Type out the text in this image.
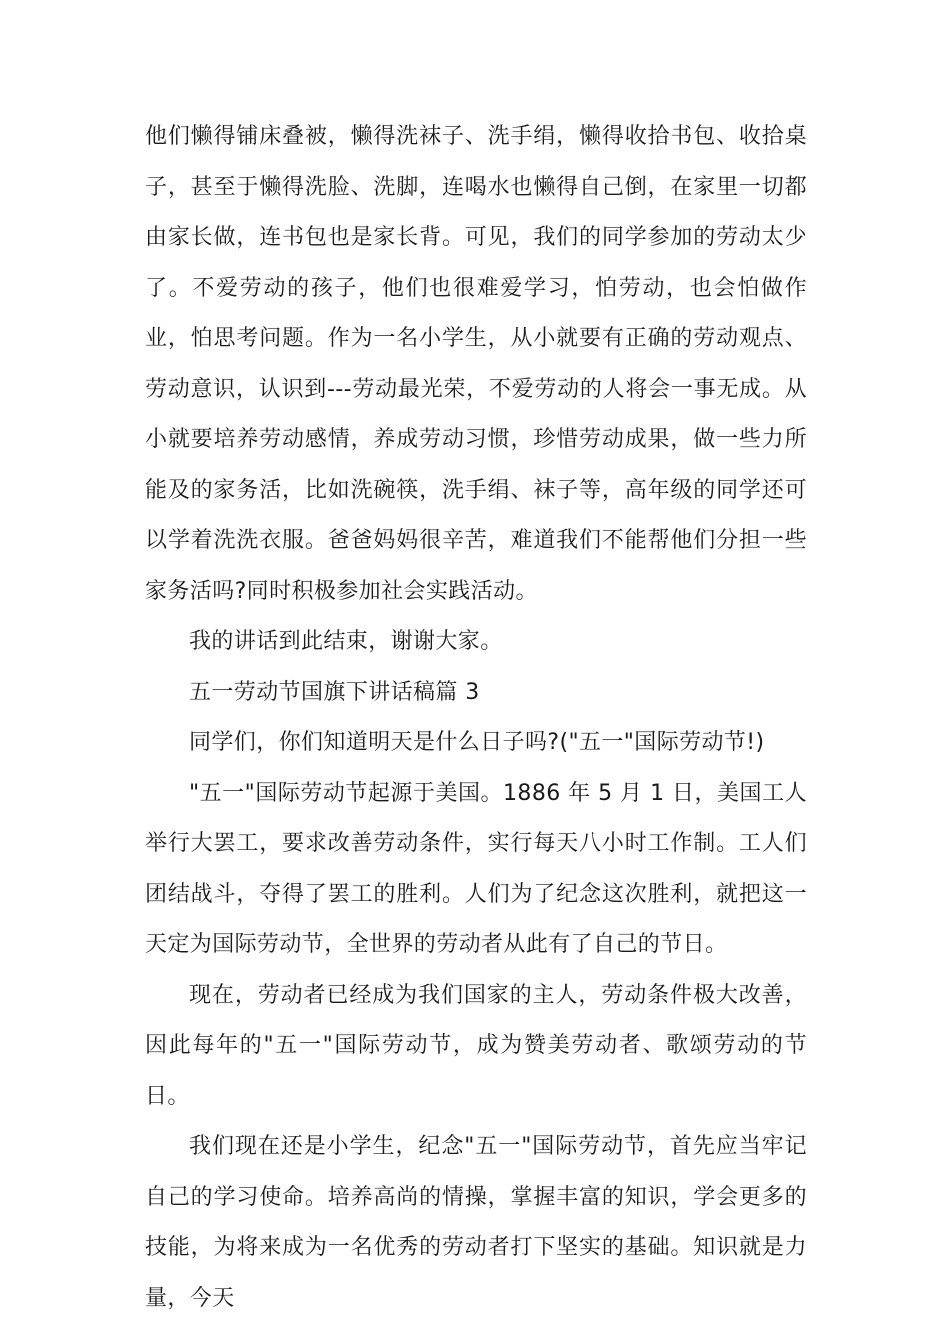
他们懒得铺床叠被，懒得洗袜子、洗手绢，懒得收拾书包、收拾桌子，甚至于懒得洗脸、洗脚，连喝水也懒得自己倒，在家里一切都由家长做，连书包也是家长背。可见，我们的同学参加的劳动太少了。不爱劳动的孩子，他们也很难爱学习，怕劳动，也会怕做作业，怕思考问题。作为一名小学生，从小就要有正确的劳动观点、劳动意识，认识到---劳动最光荣，不爱劳动的人将会一事无成。从小就要培养劳动感情，养成劳动习惯，珍惜劳动成果，做一些力所能及的家务活，比如洗碗筷，洗手绢、袜子等，高年级的同学还可以学着洗洗衣服。爸爸妈妈很辛苦，难道我们不能帮他们分担一些家务活吗?同时积极参加社会实践活动。

我的讲话到此结束，谢谢大家。

五一劳动节国旗下讲话稿篇 3

同学们，你们知道明天是什么日子吗?("五一"国际劳动节!)

"五一"国际劳动节起源于美国。1886 年 5 月 1 日，美国工人举行大罢工，要求改善劳动条件，实行每天八小时工作制。工人们团结战斗，夺得了罢工的胜利。人们为了纪念这次胜利，就把这一天定为国际劳动节，全世界的劳动者从此有了自己的节日。

现在，劳动者已经成为我们国家的主人，劳动条件极大改善，因此每年的"五一"国际劳动节，成为赞美劳动者、歌颂劳动的节日。

我们现在还是小学生，纪念"五一"国际劳动节，首先应当牢记自己的学习使命。培养高尚的情操，掌握丰富的知识，学会更多的技能，为将来成为一名优秀的劳动者打下坚实的基础。知识就是力量，今天
